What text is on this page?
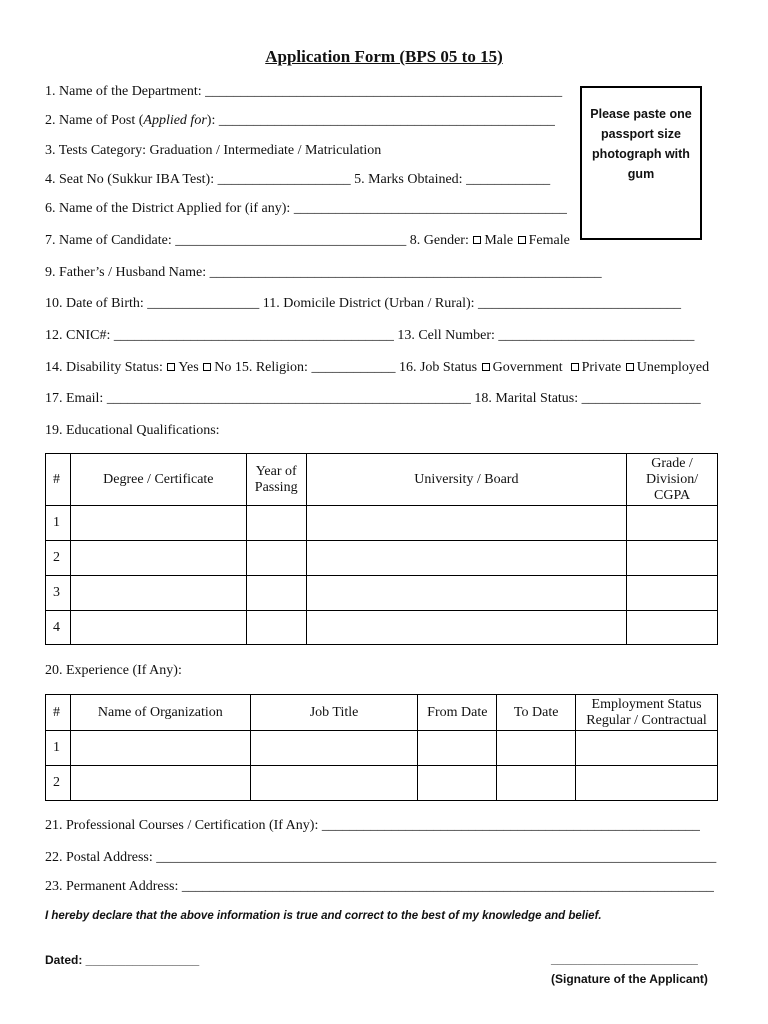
Application Form (BPS 05 to 15)
Please paste one passport size photograph with gum
1. Name of the Department: ___________________________________________________
2. Name of Post (Applied for): ________________________________________________
3. Tests Category: Graduation / Intermediate / Matriculation
4. Seat No (Sukkur IBA Test): ___________________ 5. Marks Obtained: ____________
6. Name of the District Applied for (if any): _______________________________________
7. Name of Candidate: _________________________________ 8. Gender: Male Female
9. Father’s / Husband Name: ________________________________________________________
10. Date of Birth: ________________ 11. Domicile District (Urban / Rural): _____________________________
12. CNIC#: ________________________________________ 13. Cell Number: ____________________________
14. Disability Status: Yes No 15. Religion: ____________ 16. Job Status Government Private Unemployed
17. Email: ____________________________________________________ 18. Marital Status: _________________
19. Educational Qualifications:
#	Degree / Certificate	Year of Passing	University / Board	Grade / Division/ CGPA
1				
2				
3				
4				
20. Experience (If Any):
#	Name of Organization	Job Title	From Date	To Date	Employment Status Regular / Contractual
1					
2					
21. Professional Courses / Certification (If Any): ______________________________________________________
22. Postal Address: ________________________________________________________________________________
23. Permanent Address: ____________________________________________________________________________
I hereby declare that the above information is true and correct to the best of my knowledge and belief.
Dated: _________________	______________________
(Signature of the Applicant)
